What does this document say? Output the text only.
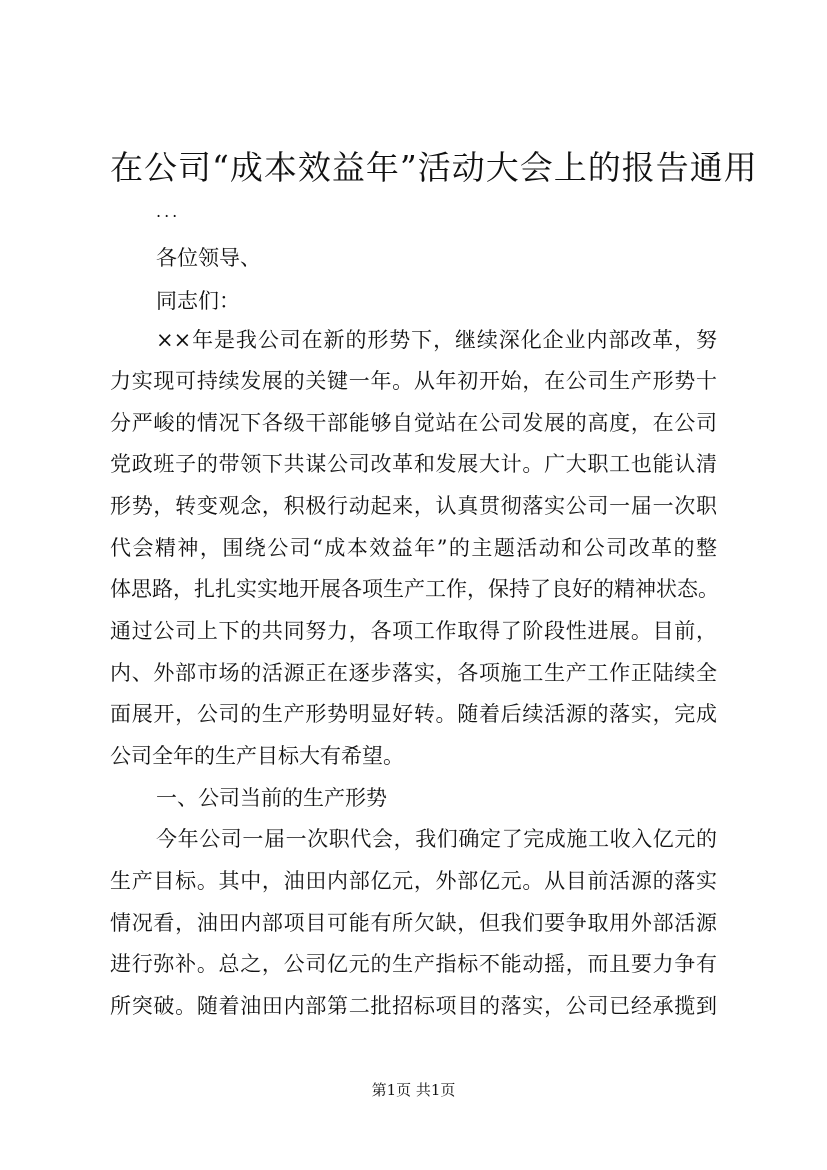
在公司“成本效益年”活动大会上的报告通用

...

各位领导、

同志们：

××年是我公司在新的形势下，继续深化企业内部改革，努

力实现可持续发展的关键一年。从年初开始，在公司生产形势十

分严峻的情况下各级干部能够自觉站在公司发展的高度，在公司

党政班子的带领下共谋公司改革和发展大计。广大职工也能认清

形势，转变观念，积极行动起来，认真贯彻落实公司一届一次职

代会精神，围绕公司“成本效益年”的主题活动和公司改革的整

体思路，扎扎实实地开展各项生产工作，保持了良好的精神状态。

通过公司上下的共同努力，各项工作取得了阶段性进展。目前，

内、外部市场的活源正在逐步落实，各项施工生产工作正陆续全

面展开，公司的生产形势明显好转。随着后续活源的落实，完成

公司全年的生产目标大有希望。

一、公司当前的生产形势

今年公司一届一次职代会，我们确定了完成施工收入亿元的

生产目标。其中，油田内部亿元，外部亿元。从目前活源的落实

情况看，油田内部项目可能有所欠缺，但我们要争取用外部活源

进行弥补。总之，公司亿元的生产指标不能动摇，而且要力争有

所突破。随着油田内部第二批招标项目的落实，公司已经承揽到

第1页 共1页
